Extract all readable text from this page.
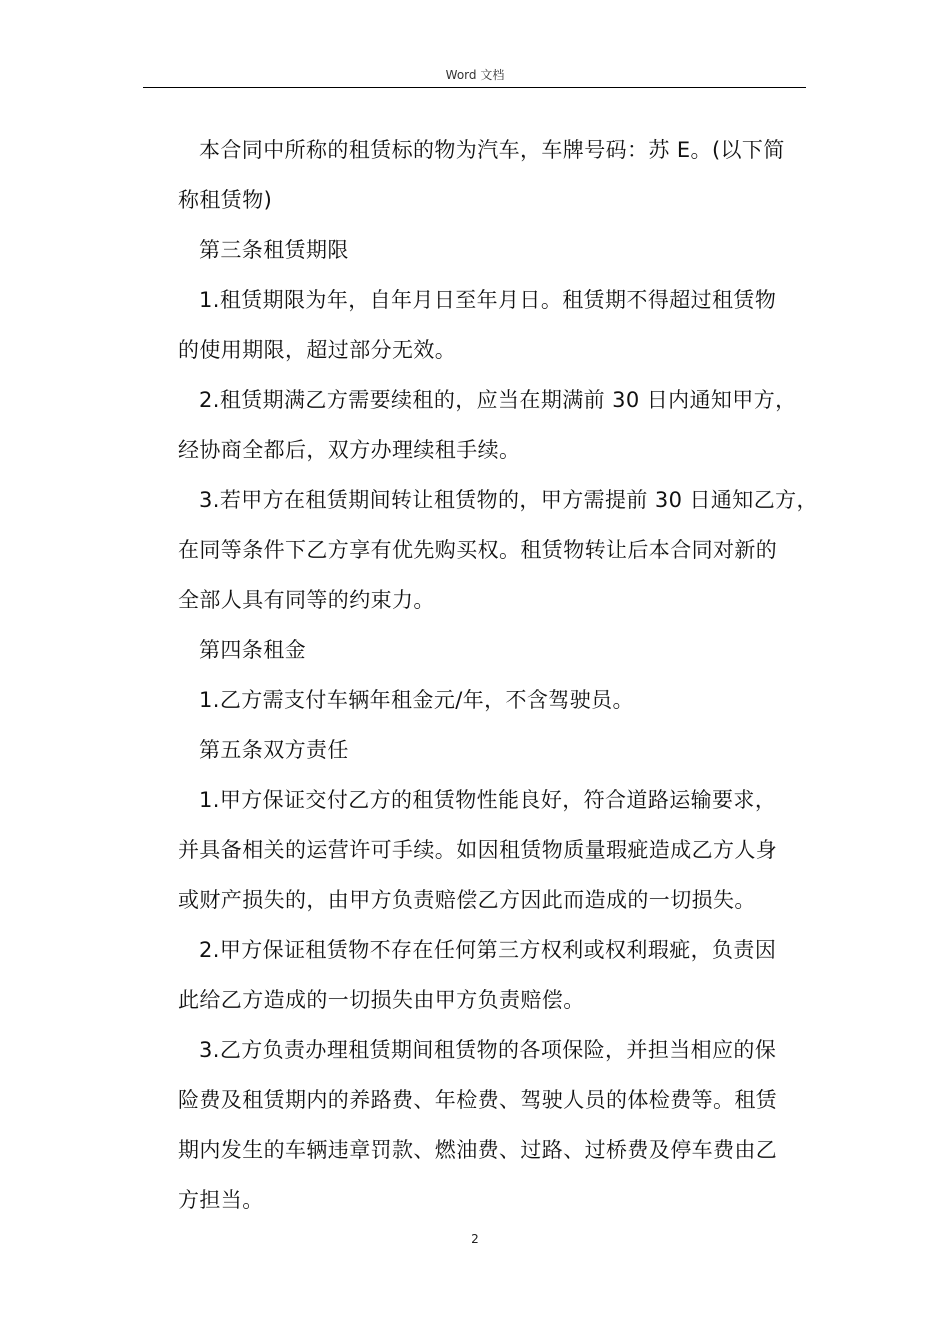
Word 文档

本合同中所称的租赁标的物为汽车，车牌号码：苏 E。(以下简
称租赁物)

第三条租赁期限

1.租赁期限为年，自年月日至年月日。租赁期不得超过租赁物
的使用期限，超过部分无效。

2.租赁期满乙方需要续租的，应当在期满前 30 日内通知甲方，
经协商全都后，双方办理续租手续。

3.若甲方在租赁期间转让租赁物的，甲方需提前 30 日通知乙方，
在同等条件下乙方享有优先购买权。租赁物转让后本合同对新的
全部人具有同等的约束力。

第四条租金

1.乙方需支付车辆年租金元/年，不含驾驶员。

第五条双方责任

1.甲方保证交付乙方的租赁物性能良好，符合道路运输要求，
并具备相关的运营许可手续。如因租赁物质量瑕疵造成乙方人身
或财产损失的，由甲方负责赔偿乙方因此而造成的一切损失。

2.甲方保证租赁物不存在任何第三方权利或权利瑕疵，负责因
此给乙方造成的一切损失由甲方负责赔偿。

3.乙方负责办理租赁期间租赁物的各项保险，并担当相应的保
险费及租赁期内的养路费、年检费、驾驶人员的体检费等。租赁
期内发生的车辆违章罚款、燃油费、过路、过桥费及停车费由乙
方担当。

2
